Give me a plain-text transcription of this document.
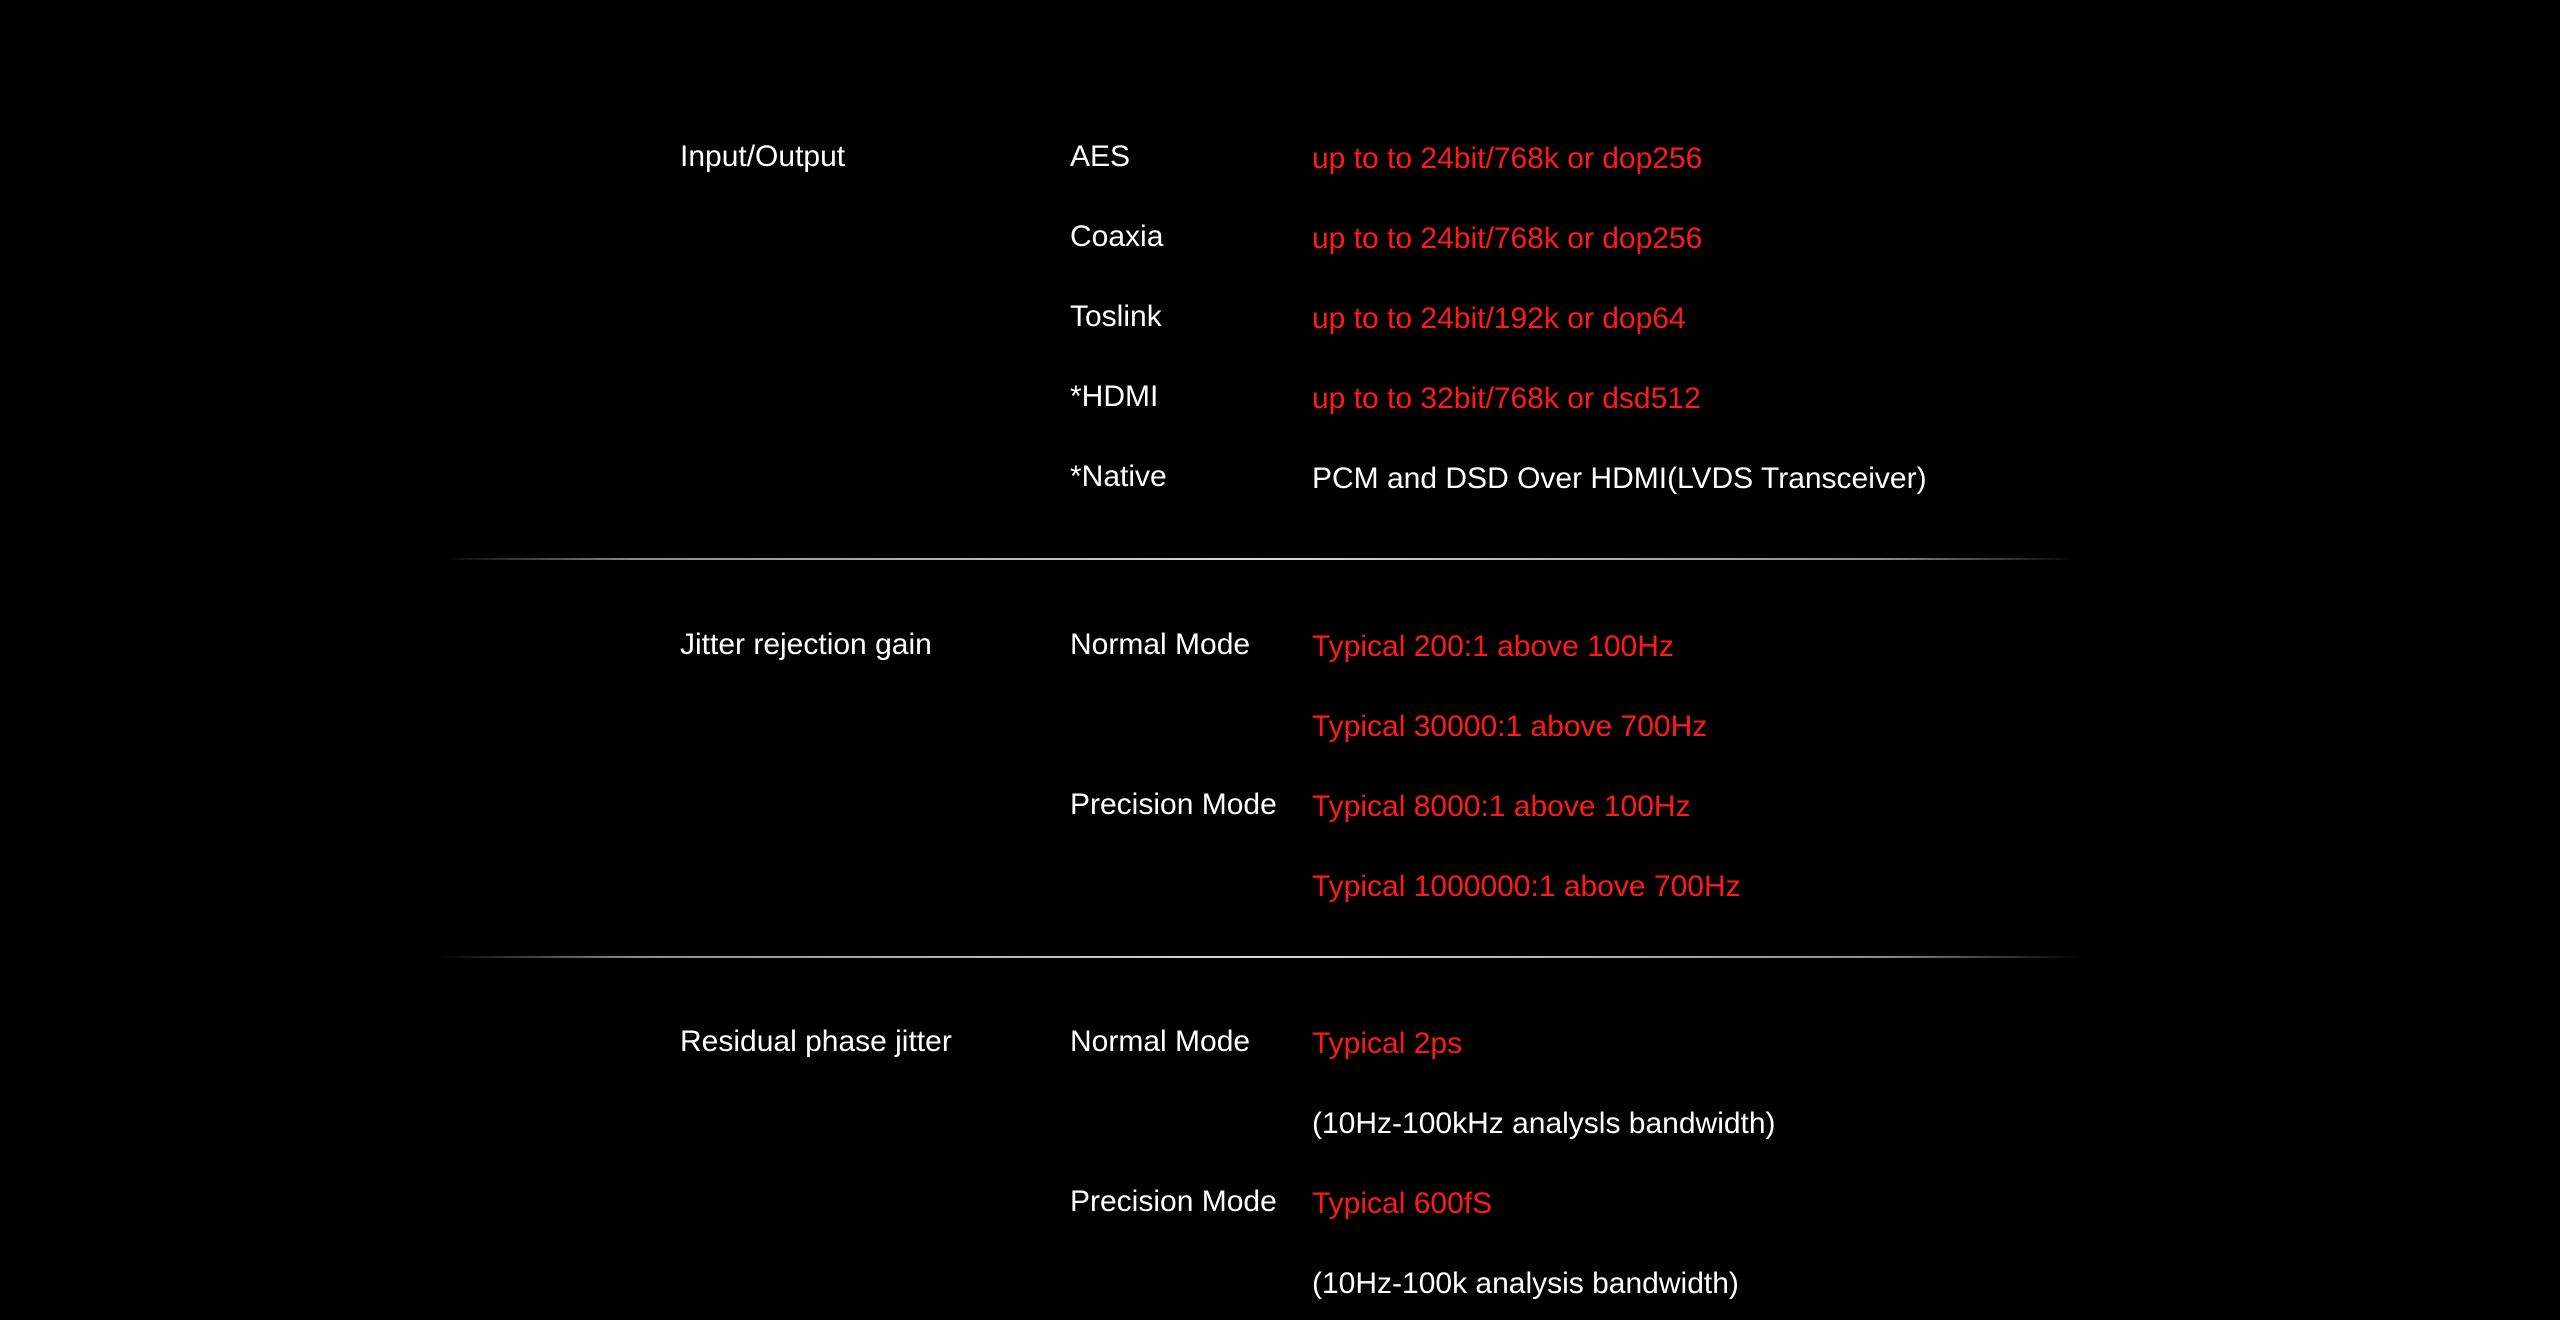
Input/Output	AES	up to to 24bit/768k or dop256
Coaxia	up to to 24bit/768k or dop256
Toslink	up to to 24bit/192k or dop64
*HDMI	up to to 32bit/768k or dsd512
*Native	PCM and DSD Over HDMI(LVDS Transceiver)
Jitter rejection gain	Normal Mode Typical 200:1 above 100Hz
Typical 30000:1 above 700Hz
Precision Mode Typical 8000:1 above 100Hz
Typical 1000000:1 above 700Hz
Residual phase jitter	Normal Mode Typical 2ps
(10Hz-100kHz analysls bandwidth)
Precision Mode Typical 600fS
(10Hz-100k analysis bandwidth)
